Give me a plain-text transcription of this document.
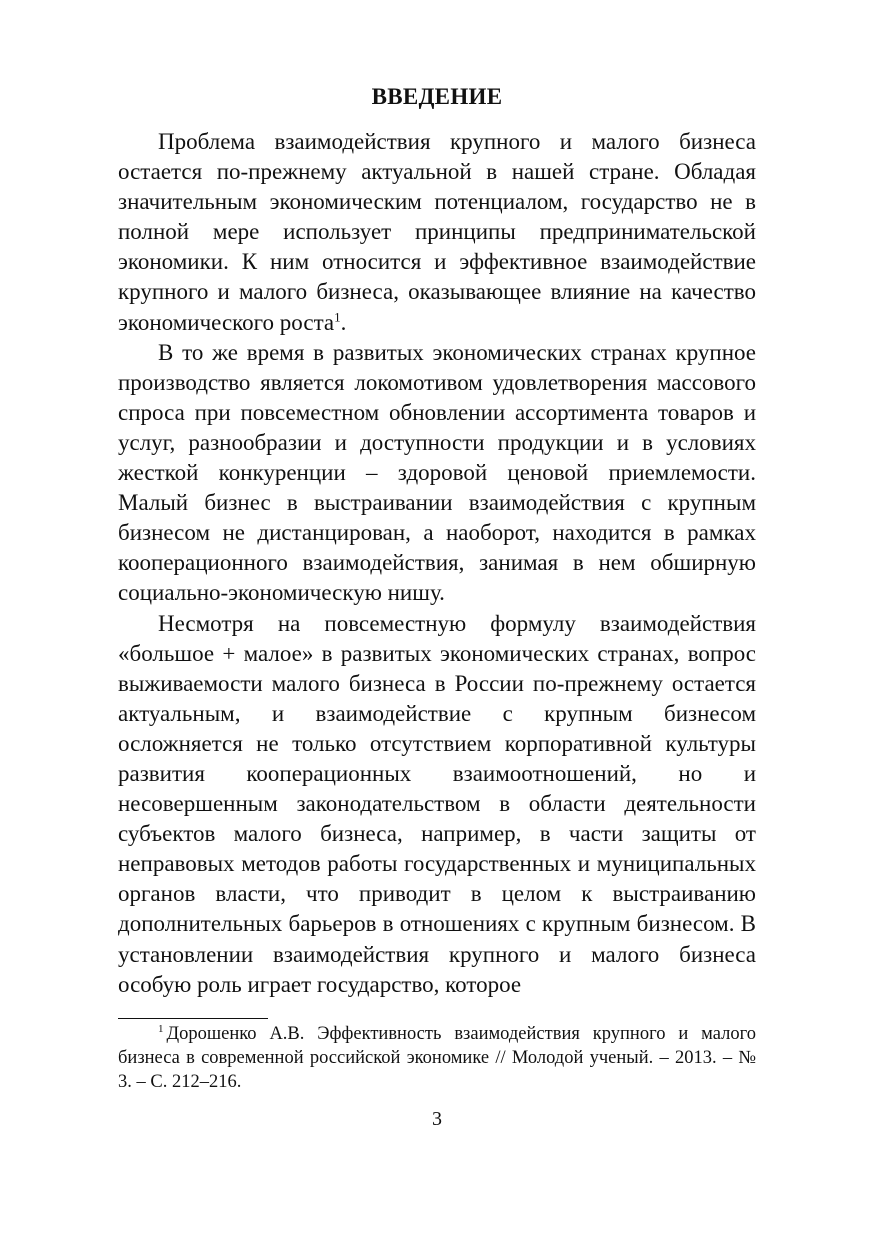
ВВЕДЕНИЕ

Проблема взаимодействия крупного и малого бизнеса остается по-прежнему актуальной в нашей стране. Обладая значительным экономическим потенциалом, государство не в полной мере использует принципы предпринимательской экономики. К ним относится и эффективное взаимодействие крупного и малого бизнеса, оказывающее влияние на качество экономического роста$^1$.

В то же время в развитых экономических странах крупное производство является локомотивом удовлетворения массового спроса при повсеместном обновлении ассортимента товаров и услуг, разнообразии и доступности продукции и в условиях жесткой конкуренции – здоровой ценовой приемлемости. Малый бизнес в выстраивании взаимодействия с крупным бизнесом не дистанцирован, а наоборот, находится в рамках кооперационного взаимодействия, занимая в нем обширную социально-экономическую нишу.

Несмотря на повсеместную формулу взаимодействия «большое + малое» в развитых экономических странах, вопрос выживаемости малого бизнеса в России по-прежнему остается актуальным, и взаимодействие с крупным бизнесом осложняется не только отсутствием корпоративной культуры развития кооперационных взаимоотношений, но и несовершенным законодательством в области деятельности субъектов малого бизнеса, например, в части защиты от неправовых методов работы государственных и муниципальных органов власти, что приводит в целом к выстраиванию дополнительных барьеров в отношениях с крупным бизнесом. В установлении взаимодействия крупного и малого бизнеса особую роль играет государство, которое

$^1$ Дорошенко А.В. Эффективность взаимодействия крупного и малого бизнеса в современной российской экономике // Молодой ученый. – 2013. – № 3. – С. 212–216.

3
